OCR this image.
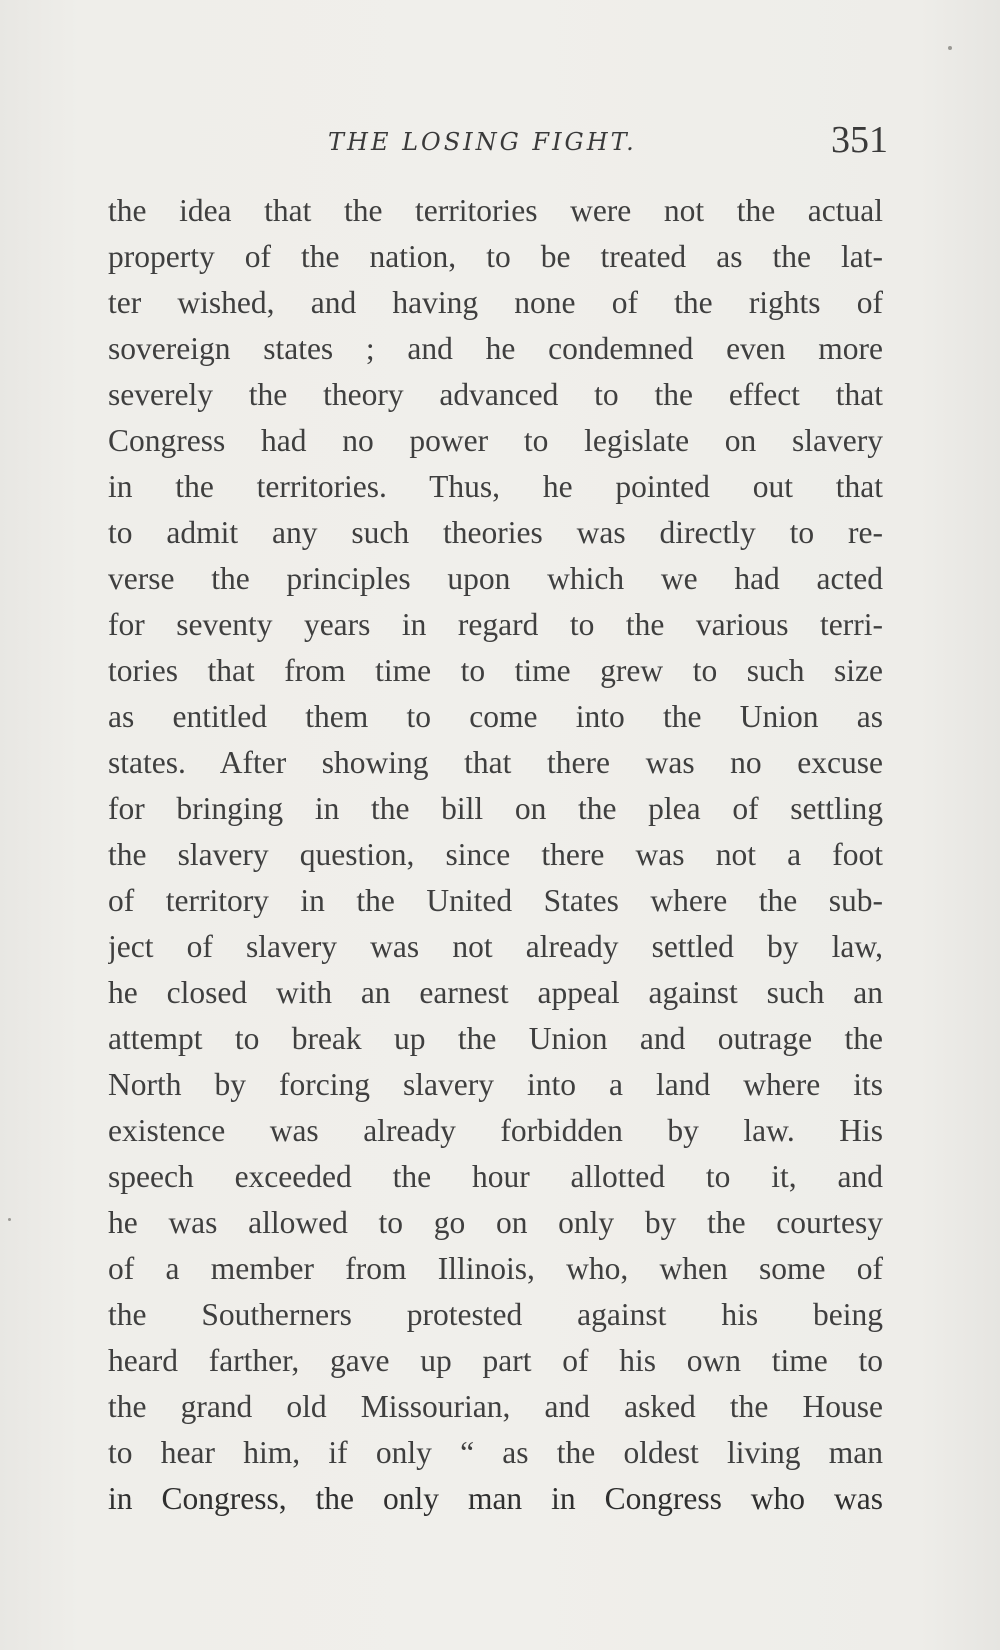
THE LOSING FIGHT.	351
the idea that the territories were not the actual
property of the nation, to be treated as the lat-
ter wished, and having none of the rights of
sovereign states ; and he condemned even more
severely the theory advanced to the effect that
Congress had no power to legislate on slavery
in the territories. Thus, he pointed out that
to admit any such theories was directly to re-
verse the principles upon which we had acted
for seventy years in regard to the various terri-
tories that from time to time grew to such size
as entitled them to come into the Union as
states. After showing that there was no excuse
for bringing in the bill on the plea of settling
the slavery question, since there was not a foot
of territory in the United States where the sub-
ject of slavery was not already settled by law,
he closed with an earnest appeal against such an
attempt to break up the Union and outrage the
North by forcing slavery into a land where its
existence was already forbidden by law. His
speech exceeded the hour allotted to it, and
he was allowed to go on only by the courtesy
of a member from Illinois, who, when some of
the Southerners protested against his being
heard farther, gave up part of his own time to
the grand old Missourian, and asked the House
to hear him, if only “ as the oldest living man
in Congress, the only man in Congress who was
